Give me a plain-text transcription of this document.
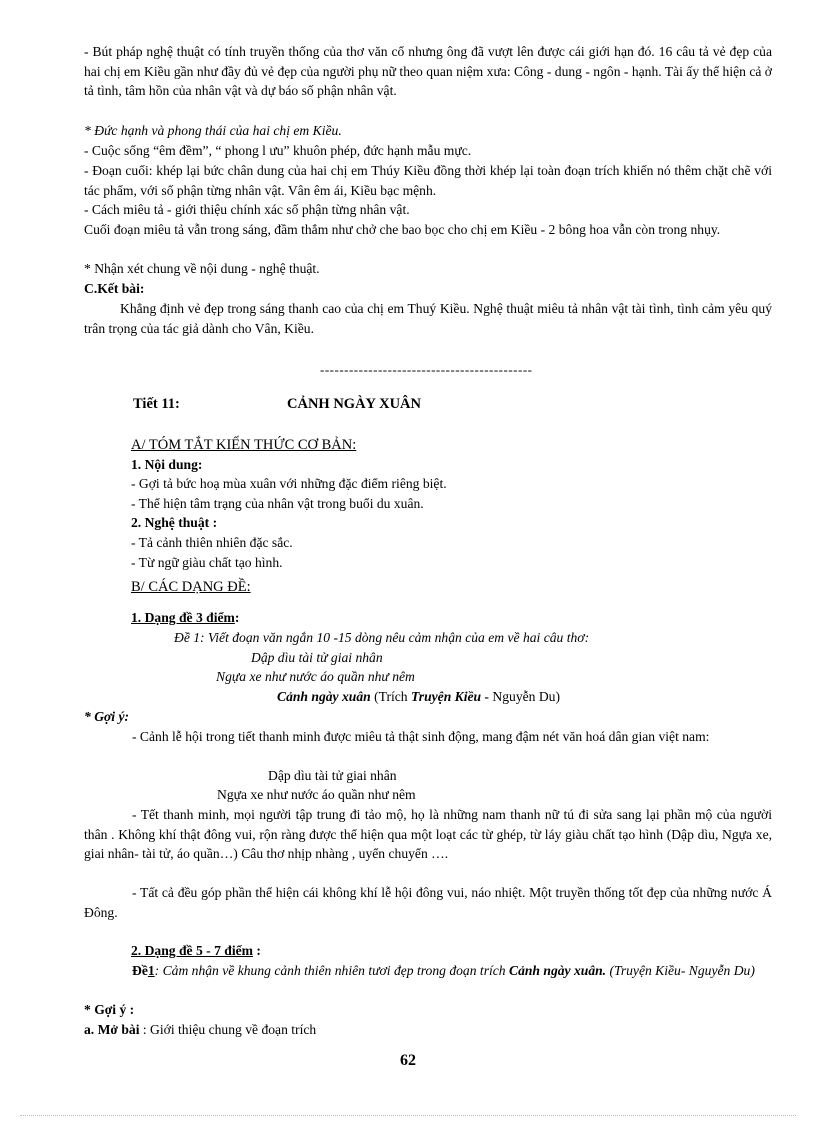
- Bút pháp nghệ thuật có tính truyền thống của thơ văn cổ nhưng ông đã vượt lên được cái giới hạn đó. 16 câu tả vẻ đẹp của hai chị em Kiều gần như đầy đủ vẻ đẹp của người phụ nữ theo quan niệm xưa: Công - dung - ngôn - hạnh. Tài ấy thể hiện cả ở tả tình, tâm hồn của nhân vật và dự báo số phận nhân vật.
* Đức hạnh và phong thái của hai chị em Kiều.
- Cuộc sống “êm đềm”, “ phong l ưu” khuôn phép, đức hạnh mẫu mực.
- Đoạn cuối: khép lại bức chân dung của hai chị em Thúy Kiều đồng thời khép lại toàn đoạn trích khiến nó thêm chặt chẽ với tác phẩm, với số phận từng nhân vật. Vân êm ái, Kiều bạc mệnh.
- Cách miêu tả - giới thiệu chính xác số phận từng nhân vật.
Cuối đoạn miêu tả vẫn trong sáng, đầm thắm như chở che bao bọc cho chị em Kiều - 2 bông hoa vẫn còn trong nhụy.
* Nhận xét chung về nội dung - nghệ thuật.
C.Kết bài:
Khẳng định vẻ đẹp trong sáng thanh cao của chị em Thuý Kiều. Nghệ thuật miêu tả nhân vật tài tình, tình cảm yêu quý trân trọng của tác giả dành cho Vân, Kiều.
--------------------------------------------
Tiết 11:	CẢNH NGÀY XUÂN
A/ TÓM TẮT KIẾN THỨC CƠ BẢN:
1. Nội dung:
- Gợi tả bức hoạ mùa xuân với những đặc điểm riêng biệt.
- Thể hiện tâm trạng của nhân vật trong buổi du xuân.
2. Nghệ thuật :
- Tả cảnh thiên nhiên đặc sắc.
- Từ ngữ giàu chất tạo hình.
B/ CÁC DẠNG ĐỀ:
1. Dạng đề 3 điểm:
Đề 1: Viết đoạn văn ngắn 10 -15 dòng nêu cảm nhận của em về hai câu thơ:
Dập dìu tài tử giai nhân
Ngựa xe như nước áo quần như nêm
Cảnh ngày xuân (Trích Truyện Kiều - Nguyễn Du)
* Gợi ý:
- Cảnh lễ hội trong tiết thanh minh được miêu tả thật sinh động, mang đậm nét văn hoá dân gian việt nam:
Dập dìu tài tử giai nhân
Ngựa xe như nước áo quần như nêm
- Tết thanh minh, mọi người tập trung đi tảo mộ, họ là những nam thanh nữ tú đi sửa sang lại phần mộ của người thân . Không khí thật đông vui, rộn ràng được thể hiện qua một loạt các từ ghép, từ láy giàu chất tạo hình (Dập dìu, Ngựa xe, giai nhân- tài tử, áo quần…) Câu thơ nhịp nhàng , uyển chuyển ….
- Tất cả đều góp phần thể hiện cái không khí lễ hội đông vui, náo nhiệt. Một truyền thống tốt đẹp của những nước Á Đông.
2. Dạng đề 5 - 7 điểm :
Đề1: Cảm nhận về khung cảnh thiên nhiên tươi đẹp trong đoạn trích Cảnh ngày xuân. (Truyện Kiều- Nguyễn Du)
* Gợi ý :
a. Mở bài : Giới thiệu chung về đoạn trích
62
